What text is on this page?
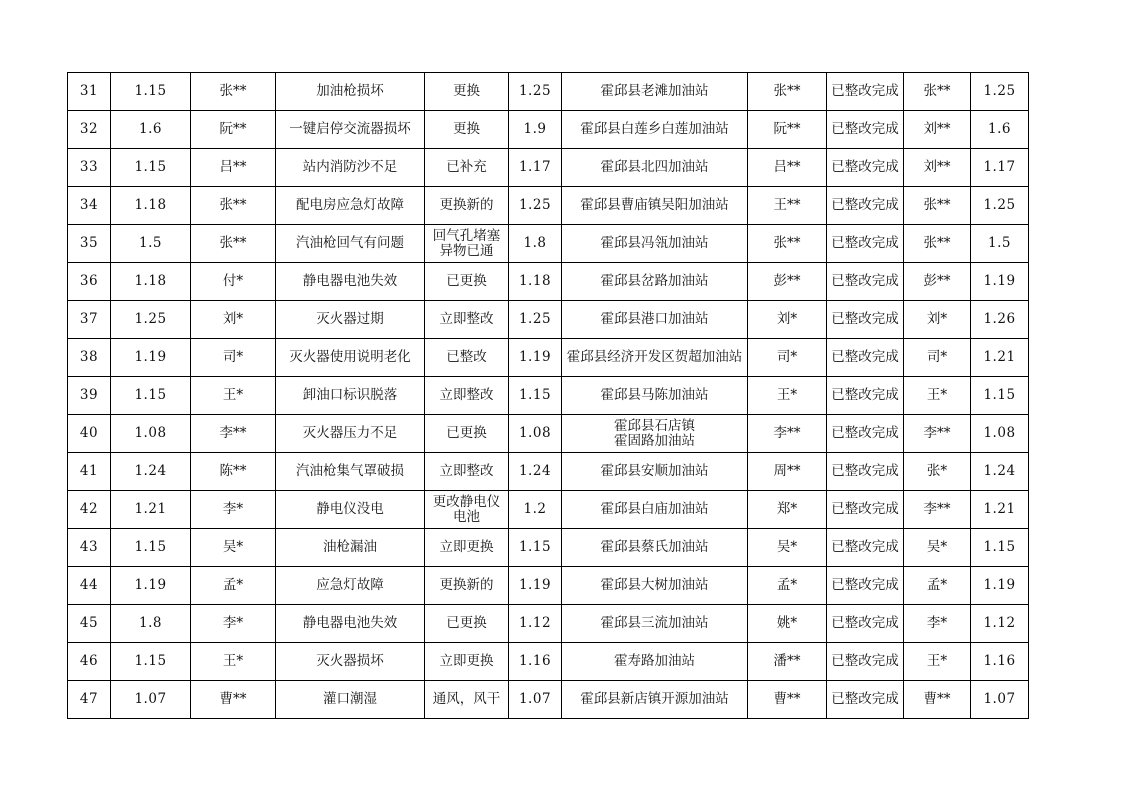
31	1.15	张**	加油枪损坏	更换	1.25	霍邱县老滩加油站	张**	已整改完成	张**	1.25
32	1.6	阮**	一键启停交流器损坏	更换	1.9	霍邱县白莲乡白莲加油站	阮**	已整改完成	刘**	1.6
33	1.15	吕**	站内消防沙不足	已补充	1.17	霍邱县北四加油站	吕**	已整改完成	刘**	1.17
34	1.18	张**	配电房应急灯故障	更换新的	1.25	霍邱县曹庙镇吴阳加油站	王**	已整改完成	张**	1.25
35	1.5	张**	汽油枪回气有问题	回气孔堵塞异物已通	1.8	霍邱县冯瓴加油站	张**	已整改完成	张**	1.5
36	1.18	付*	静电器电池失效	已更换	1.18	霍邱县岔路加油站	彭**	已整改完成	彭**	1.19
37	1.25	刘*	灭火器过期	立即整改	1.25	霍邱县港口加油站	刘*	已整改完成	刘*	1.26
38	1.19	司*	灭火器使用说明老化	已整改	1.19	霍邱县经济开发区贺超加油站	司*	已整改完成	司*	1.21
39	1.15	王*	卸油口标识脱落	立即整改	1.15	霍邱县马陈加油站	王*	已整改完成	王*	1.15
40	1.08	李**	灭火器压力不足	已更换	1.08	霍邱县石店镇
霍固路加油站	李**	已整改完成	李**	1.08
41	1.24	陈**	汽油枪集气罩破损	立即整改	1.24	霍邱县安顺加油站	周**	已整改完成	张*	1.24
42	1.21	李*	静电仪没电	更改静电仪电池	1.2	霍邱县白庙加油站	郑*	已整改完成	李**	1.21
43	1.15	吴*	油枪漏油	立即更换	1.15	霍邱县蔡氏加油站	吴*	已整改完成	吴*	1.15
44	1.19	孟*	应急灯故障	更换新的	1.19	霍邱县大树加油站	孟*	已整改完成	孟*	1.19
45	1.8	李*	静电器电池失效	已更换	1.12	霍邱县三流加油站	姚*	已整改完成	李*	1.12
46	1.15	王*	灭火器损坏	立即更换	1.16	霍寿路加油站	潘**	已整改完成	王*	1.16
47	1.07	曹**	灌口潮湿	通风，风干	1.07	霍邱县新店镇开源加油站	曹**	已整改完成	曹**	1.07
